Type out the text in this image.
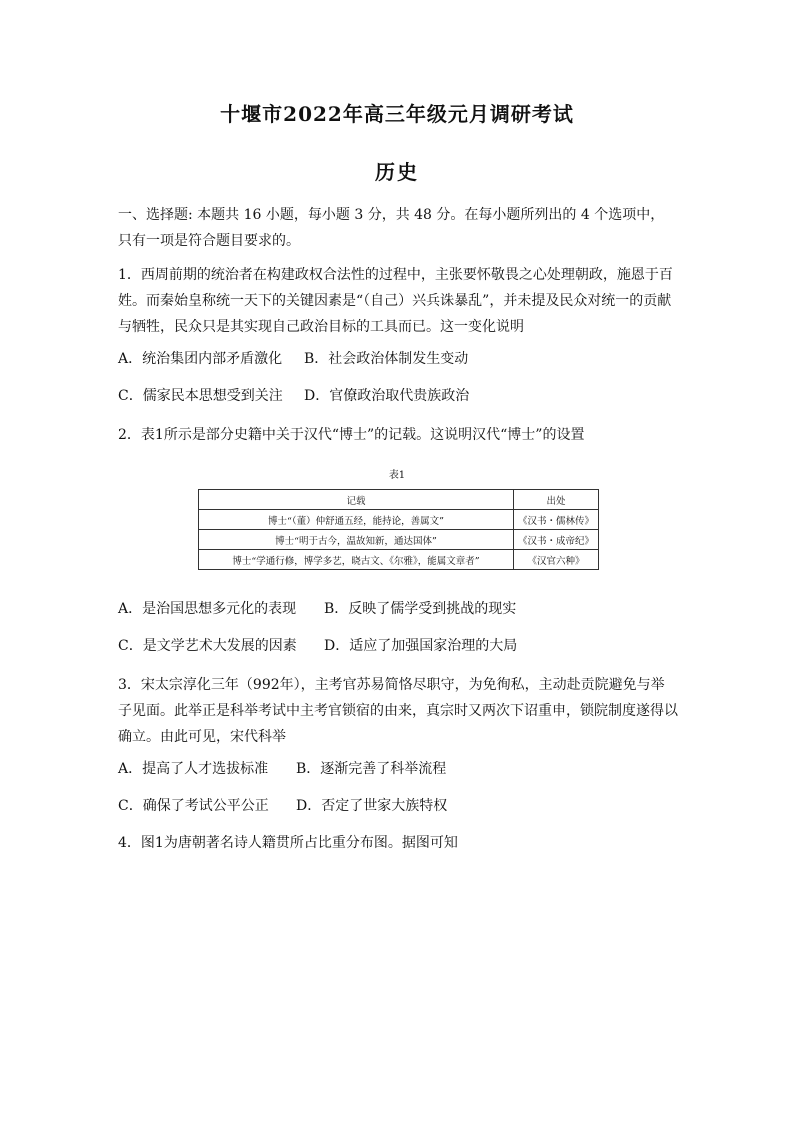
十堰市2022年高三年级元月调研考试
历史
一、选择题: 本题共 16 小题，每小题 3 分，共 48 分。在每小题所列出的 4 个选项中，只有一项是符合题目要求的。
1．西周前期的统治者在构建政权合法性的过程中，主张要怀敬畏之心处理朝政，施恩于百姓。而秦始皇称统一天下的关键因素是“（自己）兴兵诛暴乱”，并未提及民众对统一的贡献与牺牲，民众只是其实现自己政治目标的工具而已。这一变化说明
A．统治集团内部矛盾激化 B．社会政治体制发生变动
C．儒家民本思想受到关注 D．官僚政治取代贵族政治
2．表1所示是部分史籍中关于汉代“博士”的记载。这说明汉代“博士”的设置
表1
记载	出处
博士“（董）仲舒通五经，能持论，善属文”	《汉书・儒林传》
博士“明于古今，温故知新，通达国体”	《汉书・成帝纪》
博士“学通行修，博学多艺，晓古文、《尔雅》，能属文章者”	《汉官六种》
A．是治国思想多元化的表现 B．反映了儒学受到挑战的现实
C．是文学艺术大发展的因素 D．适应了加强国家治理的大局
3．宋太宗淳化三年（992年），主考官苏易简恪尽职守，为免徇私，主动赴贡院避免与举子见面。此举正是科举考试中主考官锁宿的由来，真宗时又两次下诏重申，锁院制度遂得以确立。由此可见，宋代科举
A．提高了人才选拔标准 B．逐渐完善了科举流程
C．确保了考试公平公正 D．否定了世家大族特权
4．图1为唐朝著名诗人籍贯所占比重分布图。据图可知
